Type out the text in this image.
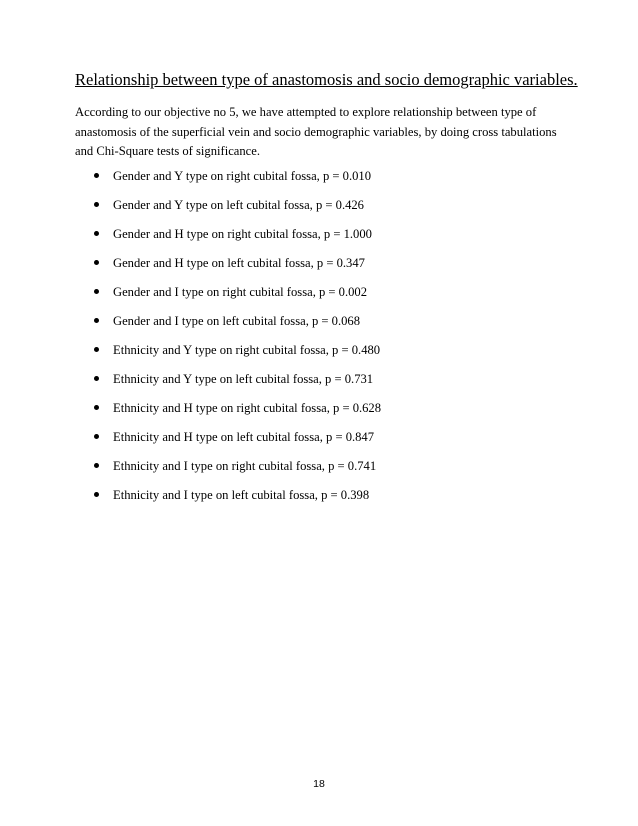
Relationship between type of anastomosis and socio demographic variables.

According to our objective no 5, we have attempted to explore relationship between type of anastomosis of the superficial vein and socio demographic variables, by doing cross tabulations and Chi-Square tests of significance.

Gender and Y type on right cubital fossa, p = 0.010
Gender and Y type on left cubital fossa, p = 0.426
Gender and H type on right cubital fossa, p = 1.000
Gender and H type on left cubital fossa, p = 0.347
Gender and I type on right cubital fossa, p = 0.002
Gender and I type on left cubital fossa, p = 0.068
Ethnicity and Y type on right cubital fossa, p = 0.480
Ethnicity and Y type on left cubital fossa, p = 0.731
Ethnicity and H type on right cubital fossa, p = 0.628
Ethnicity and H type on left cubital fossa, p = 0.847
Ethnicity and I type on right cubital fossa, p = 0.741
Ethnicity and I type on left cubital fossa, p = 0.398
18
